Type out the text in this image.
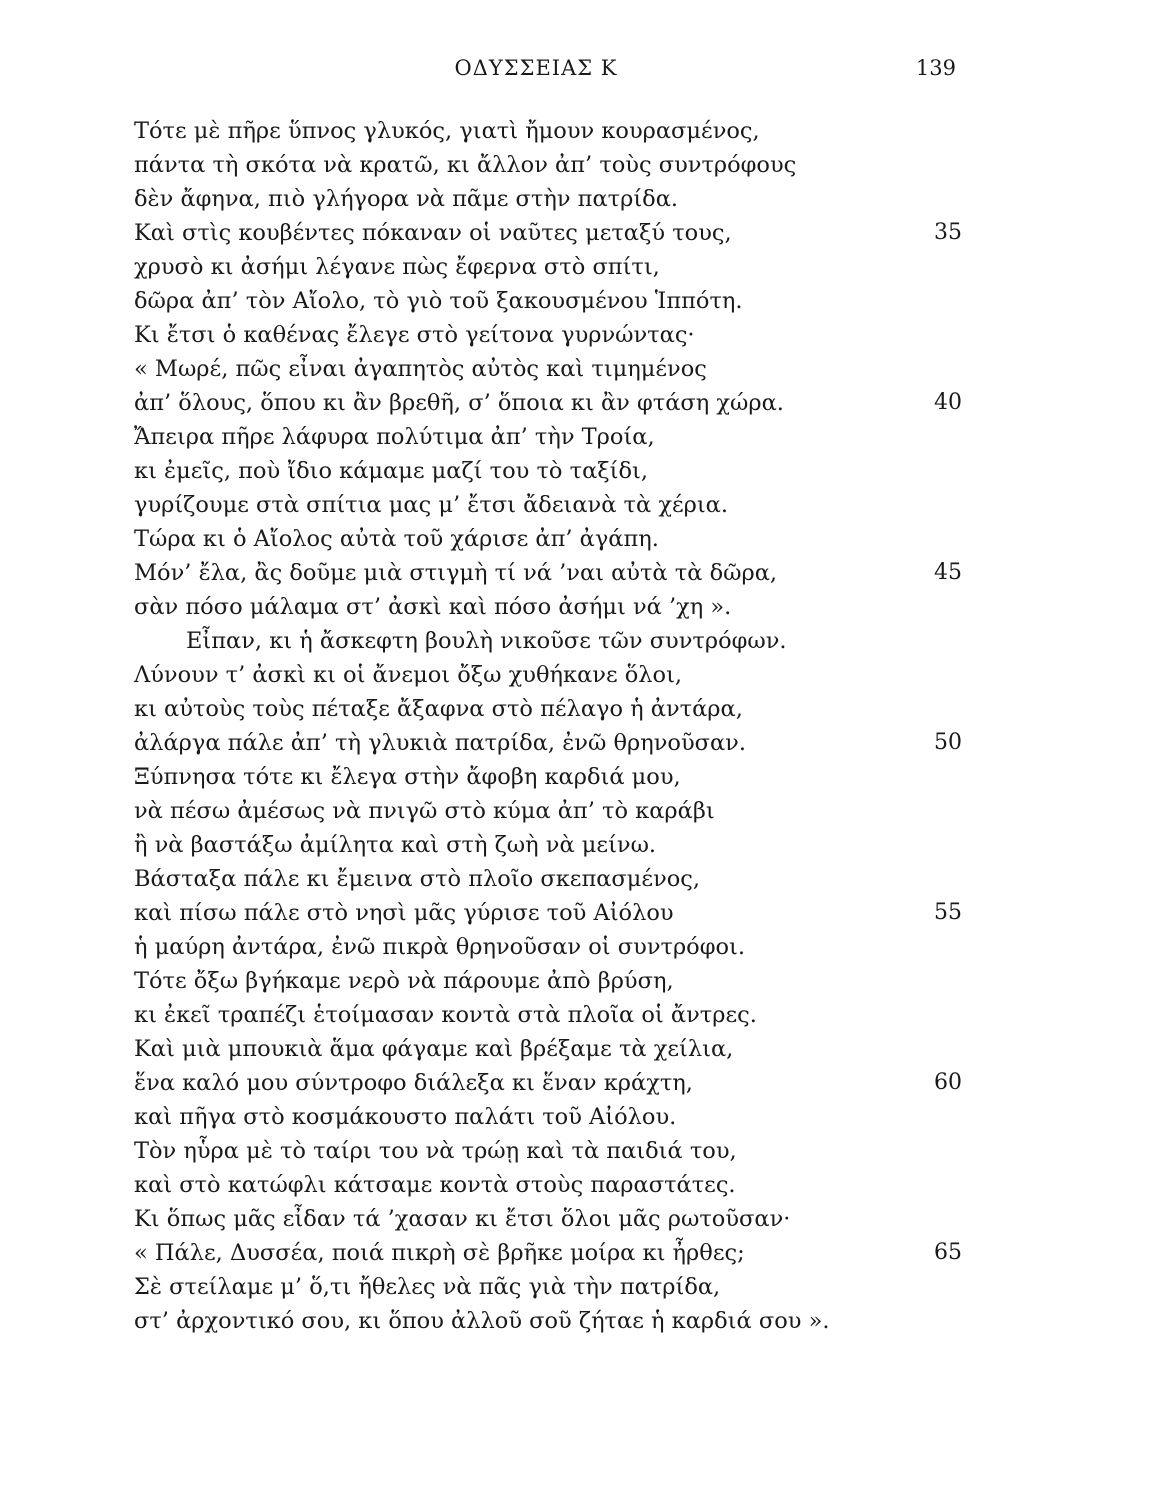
ΟΔΥΣΣΕΙΑΣ Κ	139
Τότε μὲ πῆρε ὕπνος γλυκός, γιατὶ ἤμουν κουρασμένος,
πάντα τὴ σκότα νὰ κρατῶ, κι ἄλλον ἀπ’ τοὺς συντρόφους
δὲν ἄφηνα, πιὸ γλήγορα νὰ πᾶμε στὴν πατρίδα.
Καὶ στὶς κουβέντες πόκαναν οἱ ναῦτες μεταξύ τους,	35
χρυσὸ κι ἀσήμι λέγανε πὼς ἔφερνα στὸ σπίτι,
δῶρα ἀπ’ τὸν Αἴολο, τὸ γιὸ τοῦ ξακουσμένου Ἱππότη.
Κι ἔτσι ὁ καθένας ἔλεγε στὸ γείτονα γυρνώντας·
« Μωρέ, πῶς εἶναι ἀγαπητὸς αὐτὸς καὶ τιμημένος
ἀπ’ ὅλους, ὅπου κι ἂν βρεθῆ, σ’ ὅποια κι ἂν φτάση χώρα.	40
Ἄπειρα πῆρε λάφυρα πολύτιμα ἀπ’ τὴν Τροία,
κι ἐμεῖς, ποὺ ἴδιο κάμαμε μαζί του τὸ ταξίδι,
γυρίζουμε στὰ σπίτια μας μ’ ἔτσι ἄδειανὰ τὰ χέρια.
Τώρα κι ὁ Αἴολος αὐτὰ τοῦ χάρισε ἀπ’ ἀγάπη.
Μόν’ ἔλα, ἂς δοῦμε μιὰ στιγμὴ τί νά ’ναι αὐτὰ τὰ δῶρα,	45
σὰν πόσο μάλαμα στ’ ἀσκὶ καὶ πόσο ἀσήμι νά ’χη ».
Εἶπαν, κι ἡ ἄσκεφτη βουλὴ νικοῦσε τῶν συντρόφων.
Λύνουν τ’ ἀσκὶ κι οἱ ἄνεμοι ὄξω χυθήκανε ὅλοι,
κι αὐτοὺς τοὺς πέταξε ἄξαφνα στὸ πέλαγο ἡ ἀντάρα,
ἀλάργα πάλε ἀπ’ τὴ γλυκιὰ πατρίδα, ἐνῶ θρηνοῦσαν.	50
Ξύπνησα τότε κι ἔλεγα στὴν ἄφοβη καρδιά μου,
νὰ πέσω ἀμέσως νὰ πνιγῶ στὸ κύμα ἀπ’ τὸ καράβι
ἢ νὰ βαστάξω ἀμίλητα καὶ στὴ ζωὴ νὰ μείνω.
Βάσταξα πάλε κι ἔμεινα στὸ πλοῖο σκεπασμένος,
καὶ πίσω πάλε στὸ νησὶ μᾶς γύρισε τοῦ Αἰόλου	55
ἡ μαύρη ἀντάρα, ἐνῶ πικρὰ θρηνοῦσαν οἱ συντρόφοι.
Τότε ὄξω βγήκαμε νερὸ νὰ πάρουμε ἀπὸ βρύση,
κι ἐκεῖ τραπέζι ἑτοίμασαν κοντὰ στὰ πλοῖα οἱ ἄντρες.
Καὶ μιὰ μπουκιὰ ἅμα φάγαμε καὶ βρέξαμε τὰ χείλια,
ἕνα καλό μου σύντροφο διάλεξα κι ἕναν κράχτη,	60
καὶ πῆγα στὸ κοσμάκουστο παλάτι τοῦ Αἰόλου.
Τὸν ηὗρα μὲ τὸ ταίρι του νὰ τρώῃ καὶ τὰ παιδιά του,
καὶ στὸ κατώφλι κάτσαμε κοντὰ στοὺς παραστάτες.
Κι ὅπως μᾶς εἶδαν τά ’χασαν κι ἔτσι ὅλοι μᾶς ρωτοῦσαν·
« Πάλε, Δυσσέα, ποιά πικρὴ σὲ βρῆκε μοίρα κι ἦρθες;	65
Σὲ στείλαμε μ’ ὅ,τι ἤθελες νὰ πᾶς γιὰ τὴν πατρίδα,
στ’ ἀρχοντικό σου, κι ὅπου ἀλλοῦ σοῦ ζήταε ἡ καρδιά σου ».
